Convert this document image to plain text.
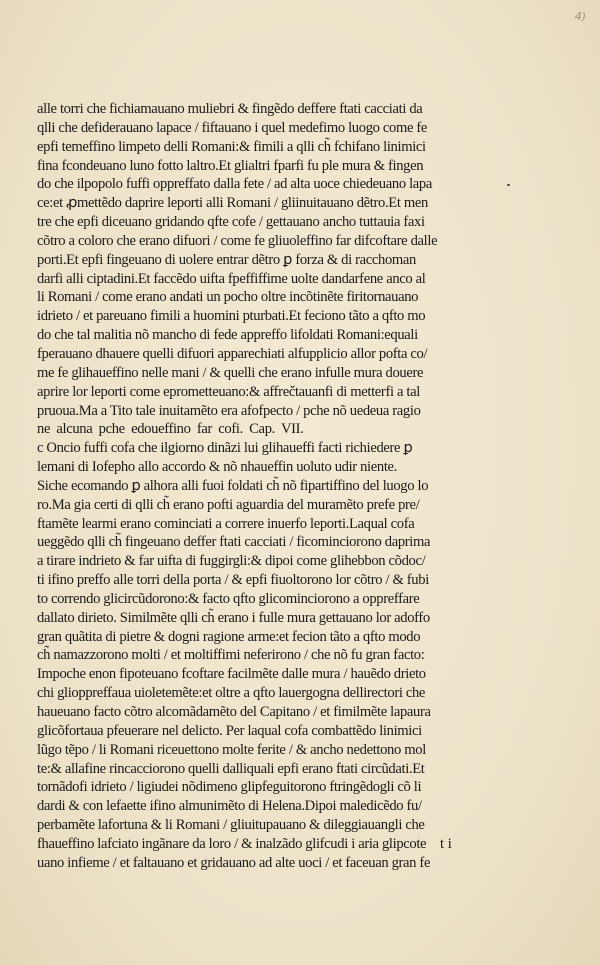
4)
alle torri che fichiamauano muliebri & fingẽdo deffere ftati cacciati da
qlli che defiderauano lapace / fiftauano i quel medefimo luogo come fe
epfi temeffino limpeto delli Romani:& fimili a qlli ch̃ fchifano linimici
fina fcondeuano luno fotto laltro.Et glialtri fparfi fu ple mura & fingen
do che ilpopolo fuffi oppreffato dalla fete / ad alta uoce chiedeuano lapa
ce:et ꝓmettẽdo daprire leporti alli Romani / gliinuitauano dẽtro.Et men
tre che epfi diceuano gridando qfte cofe / gettauano ancho tuttauia faxi
cõtro a coloro che erano difuori / come fe gliuoleffino far difcoftare dalle
porti.Et epfi fingeuano di uolere entrar dẽtro ꝑ forza & di racchoman
darfi alli ciptadini.Et faccẽdo uifta fpeffiffime uolte dandarfene anco al
li Romani / come erano andati un pocho oltre incõtinẽte firitornauano
idrieto / et pareuano fimili a huomini pturbati.Et feciono tãto a qfto mo
do che tal malitia nõ mancho di fede appreffo lifoldati Romani:equali
fperauano dhauere quelli difuori apparechiati alfupplicio allor pofta co/
me fe glihaueffino nelle mani / & quelli che erano infulle mura douere
aprire lor leporti come epromettеuano:& affrečtauanfi di metterfi a tal
pruoua.Ma a Tito tale inuitamẽto era afofpecto / pche nõ uedeua ragio
ne alcuna pche edoueffino far cofi. Cap. VII.
c Oncio fuffi cofa che ilgiorno dinãzi lui glihaueffi facti richiedere ꝑ
lemani di Iofepho allo accordo & nõ nhaueffin uoluto udir niente.
Siche ecomando ꝑ alhora alli fuoi foldati ch̃ nõ fipartiffino del luogo lo
ro.Ma gia certi di qlli ch̃ erano pofti aguardia del muramẽto prefe pre/
ftamẽte learmi erano cominciati a correre inuerfo leporti.Laqual cofa
ueggẽdo qlli ch̃ fingeuano deffer ftati cacciati / ficominciorono daprima
a tirare indrieto & far uifta di fuggirgli:& dipoi come glihebbon cõdoc/
ti ifino preffo alle torri della porta / & epfi fiuoltorono lor cõtro / & fubi
to correndo glicircũdorono:& facto qfto glicominciorono a oppreffare
dallato dirieto. Similmẽte qlli ch̃ erano i fulle mura gettauano lor adoffo
gran quãtita di pietre & dogni ragione arme:et fecion tãto a qfto modo
ch̃ namazzorono molti / et moltiffimi neferirono / che nõ fu gran facto:
Impoche enon fipoteuano fcoftare facilmẽte dalle mura / hauẽdo drieto
chi glioppreffaua uioletemẽte:et oltre a qfto lauergogna dellirectori che
haueuano facto cõtro alcomãdamẽto del Capitano / et fimilmẽte lapaura
glicõfortaua pfeuerare nel delicto. Per laqual cofa combattẽdo linimici
lũgo tẽpo / li Romani riceuettono molte ferite / & ancho nedettono mol
te:& allafine rincaccioronо quelli dalliquali epfi erano ftati circũdati.Et
tornãdofi idrieto / ligiudei nõdimeno glipfeguitorono ftringẽdogli cõ li
dardi & con lefaette ifino almunimẽto di Helena.Dipoi maledicẽdo fu/
perbamẽte lafortuna & li Romani / gliuitupauano & dileggiauangli che
fhaueffino lafciato ingãnare da loro / & inalzãdo glifcudi i aria glipcote
uano infieme / et faltauano et gridauano ad alte uoci / et faceuan gran fe
t i
